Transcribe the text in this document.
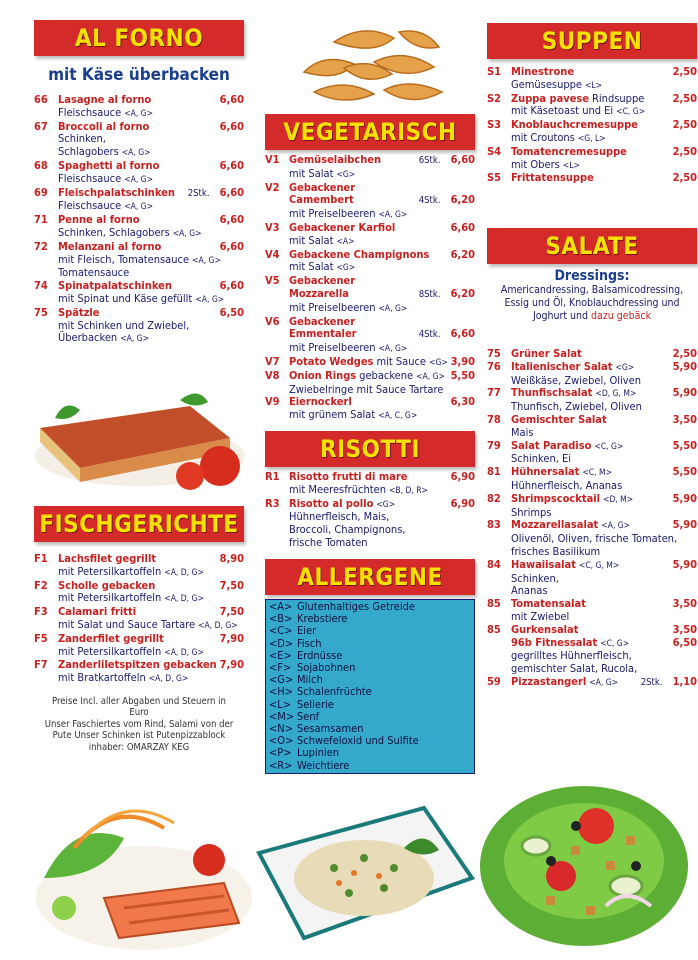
AL FORNO
mit Käse überbacken
66 Lasagne al forno	6,60
Fleischsauce <A, G>
67 Broccoli al forno	6,60
Schinken,
Schlagobers <A, G>
68 Spaghetti al forno	6,60
Fleischsauce <A, G>
69 Fleischpalatschinken 2Stk. 6,60
Fleischsauce <A, G>
71 Penne al forno	6,60
Schinken, Schlagobers <A, G>
72 Melanzani al forno	6,60
mit Fleisch, Tomatensauce <A, G>
Tomatensauce
74 Spinatpalatschinken	6,60
mit Spinat und Käse gefüllt <A, G>
75 Spätzle	6,50
mit Schinken und Zwiebel,
Überbacken <A, G>
FISCHGERICHTE
F1 Lachsfilet gegrillt	8,90
mit Petersilkartoffeln <A, D, G>
F2 Scholle gebacken	7,50
mit Petersilkartoffeln <A, D, G>
F3 Calamari fritti	7,50
mit Salat und Sauce Tartare <A, D, G>
F5 Zanderfilet gegrillt	7,90
mit Petersilkartoffeln <A, D, G>
F7 Zanderliletspitzen gebacken 7,90
mit Bratkartoffeln <A, D, G>
Preise Incl. aller Abgaben und Steuern in
Euro
Unser Faschiertes vom Rind, Salami von der
Pute Unser Schinken ist Putenpizzablock
inhaber: OMARZAY KEG
VEGETARISCH
V1 Gemüselaibchen	6Stk. 6,60
mit Salat <G>
V2 Gebackener
Camembert	4Stk. 6,20
mit Preiselbeeren <A, G>
V3 Gebackener Karfiol	6,60
mit Salat <A>
V4 Gebackene Champignons 6,20
mit Salat <G>
V5 Gebackener
Mozzarella	8Stk. 6,20
mit Preiselbeeren <A, G>
V6 Gebackener
Emmentaler	4Stk. 6,60
mit Preiselbeeren <A, G>
V7 Potato Wedges mit Sauce <G> 3,90
V8 Onion Rings gebackene <A, G> 5,50
Zwiebelringe mit Sauce Tartare
V9 Eiernockerl	6,30
mit grünem Salat <A, C, G>
RISOTTI
R1 Risotto frutti di mare	6,90
mit Meeresfrüchten <B, D, R>
R3 Risotto al pollo <G>	6,90
Hühnerfleisch, Mais,
Broccoli, Champignons,
frische Tomaten
ALLERGENE
<A> Glutenhaltiges Getreide
<B> Krebstiere
<C> Eier
<D> Fisch
<E> Erdnüsse
<F> Sojabohnen
<G> Milch
<H> Schalenfrüchte
<L> Sellerie
<M> Senf
<N> Sesamsamen
<O> Schwefeloxid und Sulfite
<P> Lupinien
<R> Weichtiere
SUPPEN
S1 Minestrone	2,50
Gemüsesuppe <L>
S2 Zuppa pavese Rindsuppe	2,50
mit Käsetoast und Ei <C, G>
S3 Knoblauchcremesuppe	2,50
mit Croutons <G, L>
S4 Tomatencremesuppe	2,50
mit Obers <L>
S5 Frittatensuppe	2,50
SALATE
Dressings:
Americandressing, Balsamicodressing,
Essig und Öl, Knoblauchdressing und
Joghurt und dazu gebäck
75 Grüner Salat	2,50
76 Italienischer Salat <G>	5,90
Weißkäse, Zwiebel, Oliven
77 Thunfischsalat <D, G, M>	5,90
Thunfisch, Zwiebel, Oliven
78 Gemischter Salat	3,50
Mais
79 Salat Paradiso <C, G>	5,50
Schinken, Ei
81 Hühnersalat <C, M>	5,50
Hühnerfleisch, Ananas
82 Shrimpscocktail <D, M>	5,90
Shrimps
83 Mozzarellasalat <A, G>	5,90
Olivenöl, Oliven, frische Tomaten,
frisches Basilikum
84 Hawaiisalat <C, G, M>	5,90
Schinken,
Ananas
85 Tomatensalat	3,50
mit Zwiebel
85 Gurkensalat	3,50
96b Fitnessalat <C, G>	6,50
gegrilltes Hühnerfleisch,
gemischter Salat, Rucola,
59 Pizzastangerl <A, G> 2Stk. 1,10
